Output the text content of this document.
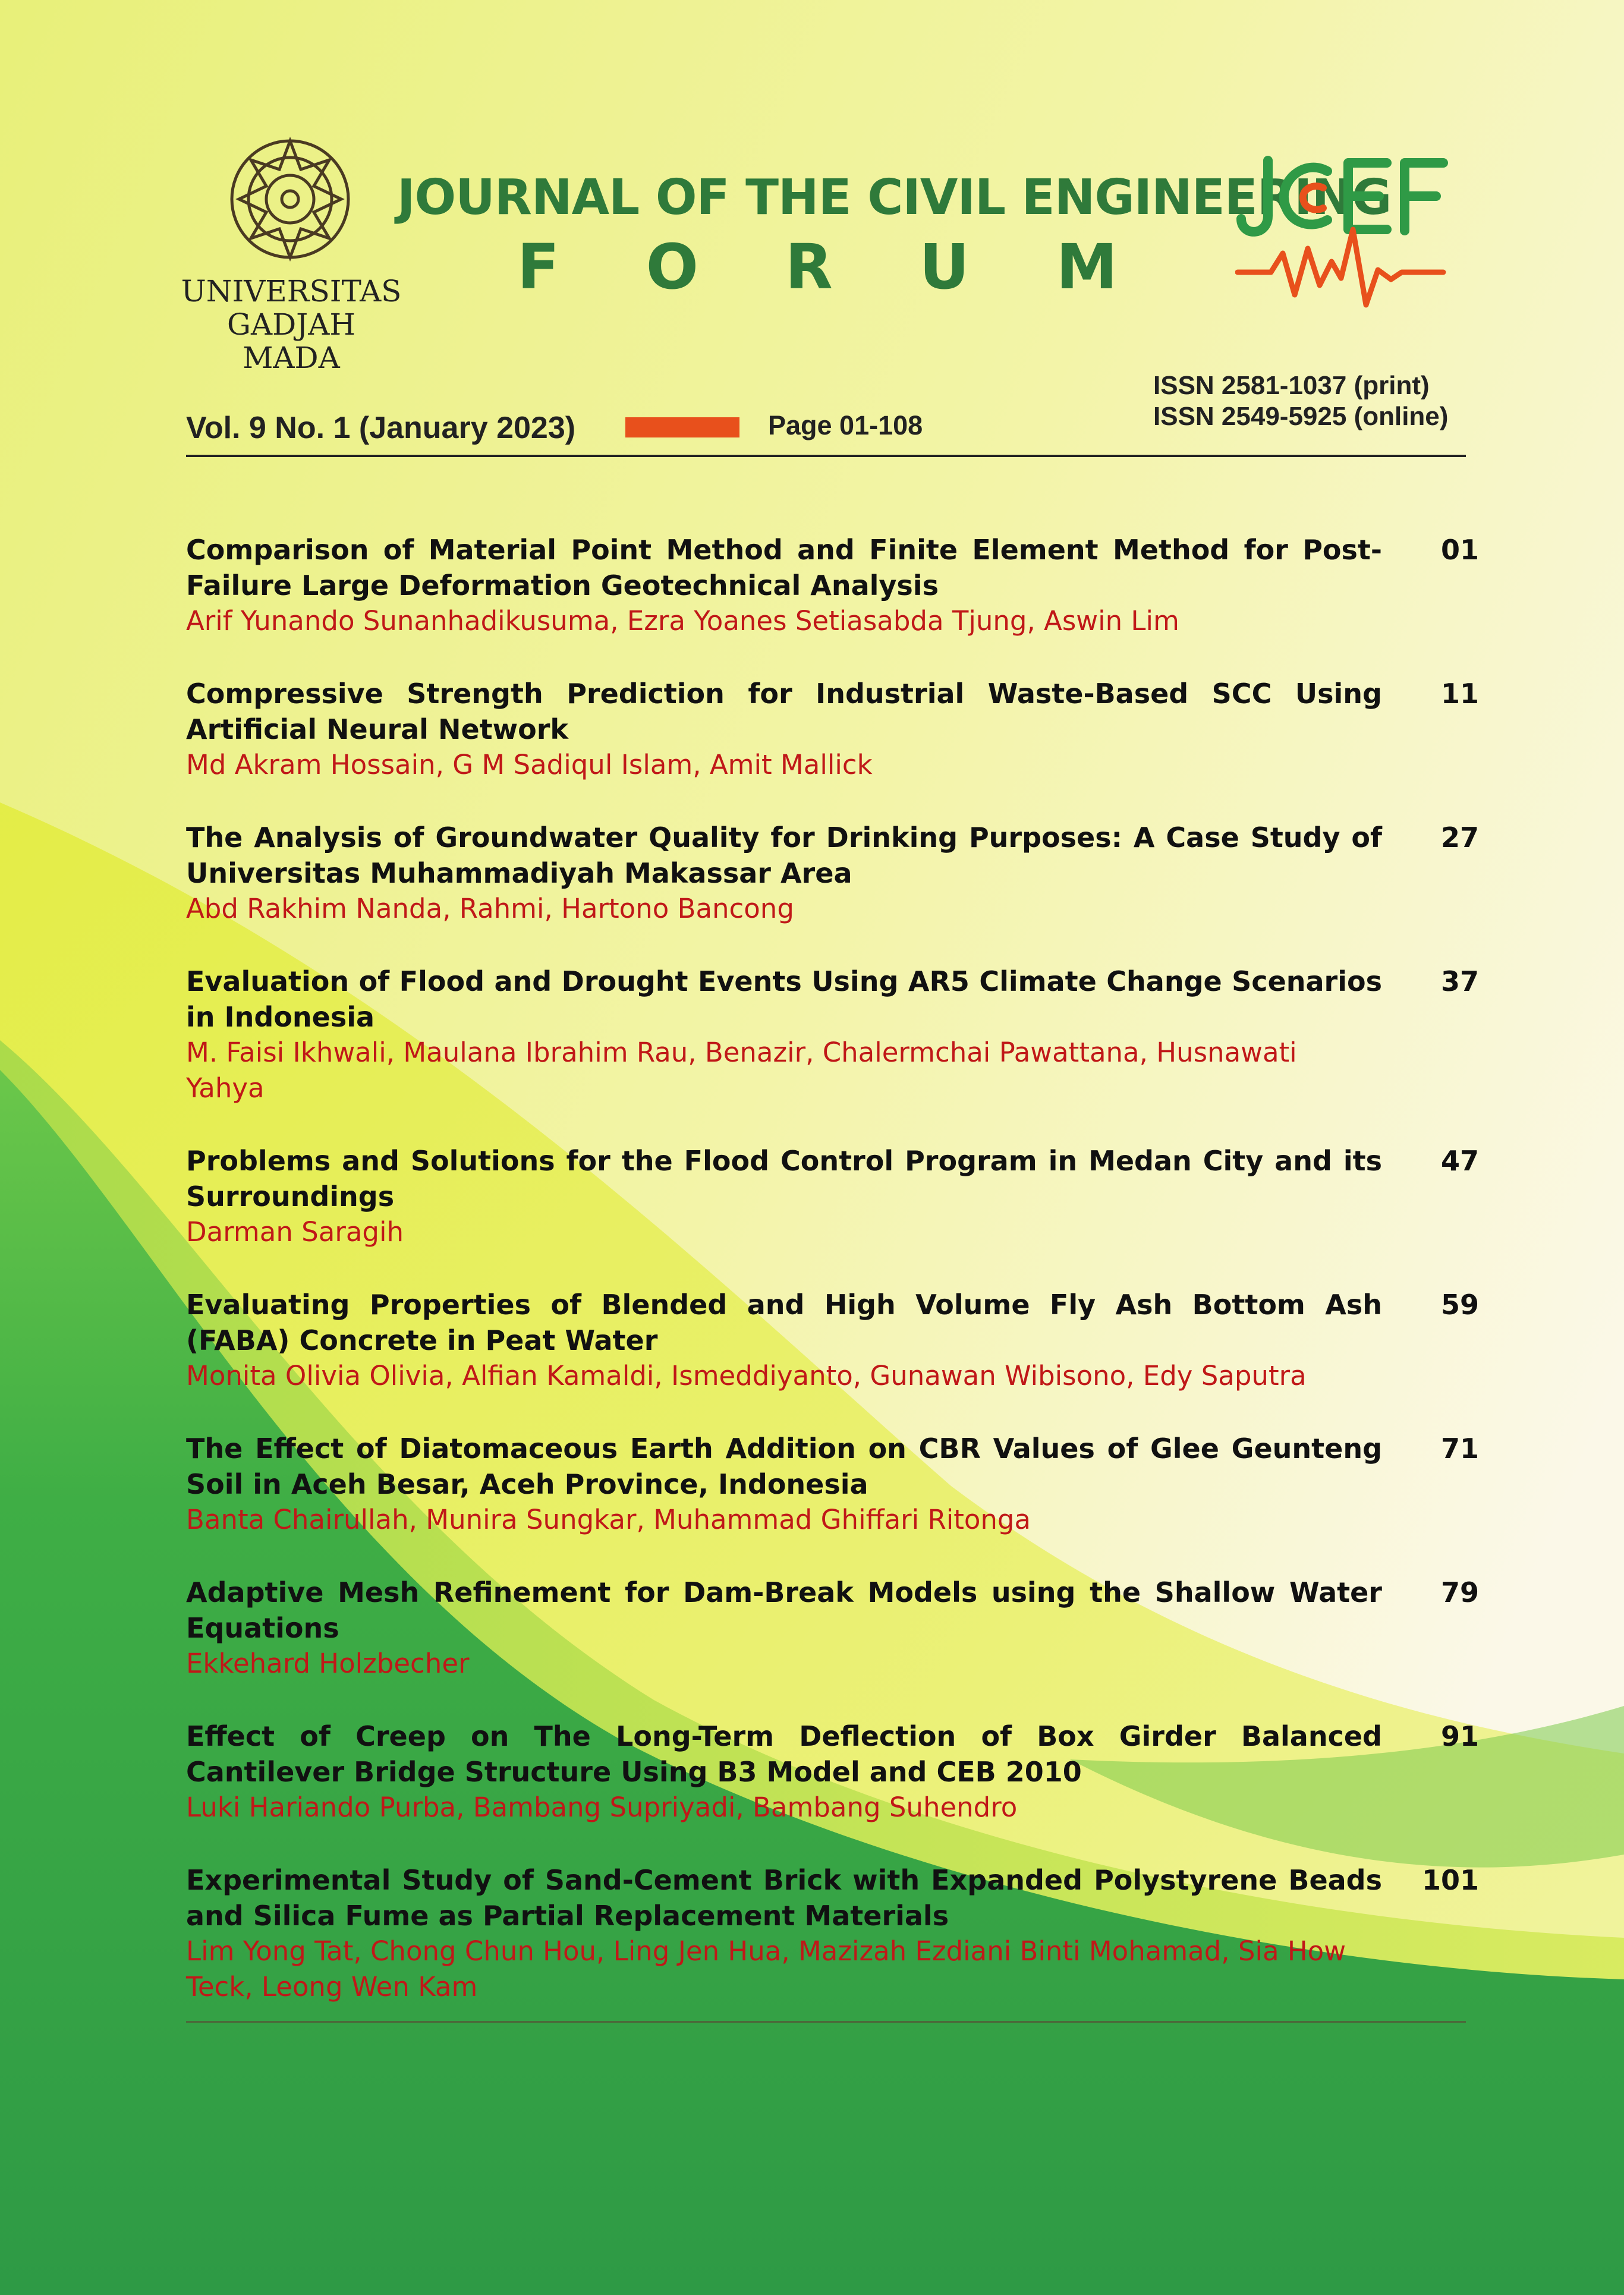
UNIVERSITAS
GADJAH MADA
JOURNAL OF THE CIVIL ENGINEERING
F O R U M
Vol. 9 No. 1 (January 2023)	Page 01-108
ISSN 2581-1037 (print)
ISSN 2549-5925 (online)
Comparison of Material Point Method and Finite Element Method for Post-Failure Large Deformation Geotechnical Analysis
Arif Yunando Sunanhadikusuma, Ezra Yoanes Setiasabda Tjung, Aswin Lim
01
Compressive Strength Prediction for Industrial Waste-Based SCC Using Artificial Neural Network
Md Akram Hossain, G M Sadiqul Islam, Amit Mallick
11
The Analysis of Groundwater Quality for Drinking Purposes: A Case Study of Universitas Muhammadiyah Makassar Area
Abd Rakhim Nanda, Rahmi, Hartono Bancong
27
Evaluation of Flood and Drought Events Using AR5 Climate Change Scenarios in Indonesia
M. Faisi Ikhwali, Maulana Ibrahim Rau, Benazir, Chalermchai Pawattana, Husnawati Yahya
37
Problems and Solutions for the Flood Control Program in Medan City and its Surroundings
Darman Saragih
47
Evaluating Properties of Blended and High Volume Fly Ash Bottom Ash (FABA) Concrete in Peat Water
Monita Olivia Olivia, Alfian Kamaldi, Ismeddiyanto, Gunawan Wibisono, Edy Saputra
59
The Effect of Diatomaceous Earth Addition on CBR Values of Glee Geunteng Soil in Aceh Besar, Aceh Province, Indonesia
Banta Chairullah, Munira Sungkar, Muhammad Ghiffari Ritonga
71
Adaptive Mesh Refinement for Dam-Break Models using the Shallow Water Equations
Ekkehard Holzbecher
79
Effect of Creep on The Long-Term Deflection of Box Girder Balanced Cantilever Bridge Structure Using B3 Model and CEB 2010
Luki Hariando Purba, Bambang Supriyadi, Bambang Suhendro
91
Experimental Study of Sand-Cement Brick with Expanded Polystyrene Beads and Silica Fume as Partial Replacement Materials
Lim Yong Tat, Chong Chun Hou, Ling Jen Hua, Mazizah Ezdiani Binti Mohamad, Sia How Teck, Leong Wen Kam
101
